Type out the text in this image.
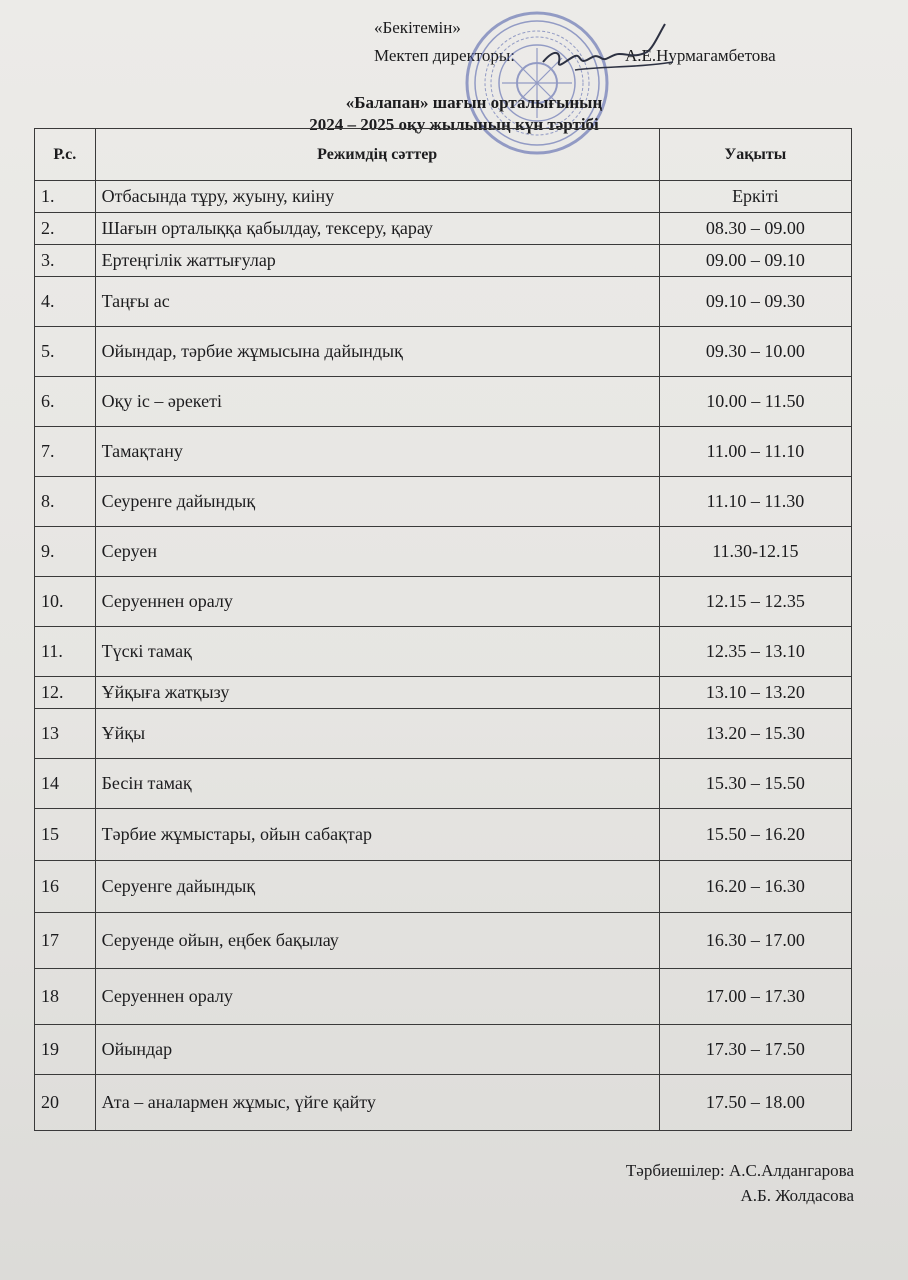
«Бекітемін»
Мектеп директоры:	А.Е.Нурмагамбетова
«Балапан» шағын орталығының
2024 – 2025 оқу жылының күн тәртібі
Р.с.	Режимдің сәттер	Уақыты
1.	Отбасында тұру, жуыну, киіну	Еркіті
2.	Шағын орталыққа қабылдау, тексеру, қарау	08.30 – 09.00
3.	Ертеңгілік жаттығулар	09.00 – 09.10
4.	Таңғы ас	09.10 – 09.30
5.	Ойындар, тәрбие жұмысына дайындық	09.30 – 10.00
6.	Оқу іс – әрекеті	10.00 – 11.50
7.	Тамақтану	11.00 – 11.10
8.	Сеуренге дайындық	11.10 – 11.30
9.	Серуен	11.30-12.15
10.	Серуеннен оралу	12.15 – 12.35
11.	Түскі тамақ	12.35 – 13.10
12.	Ұйқыға жатқызу	13.10 – 13.20
13	Ұйқы	13.20 – 15.30
14	Бесін тамақ	15.30 – 15.50
15	Тәрбие жұмыстары, ойын сабақтар	15.50 – 16.20
16	Серуенге дайындық	16.20 – 16.30
17	Серуенде ойын, еңбек бақылау	16.30 – 17.00
18	Серуеннен оралу	17.00 – 17.30
19	Ойындар	17.30 – 17.50
20	Ата – аналармен жұмыс, үйге қайту	17.50 – 18.00
Тәрбиешілер: А.С.Алдангарова
А.Б. Жолдасова
